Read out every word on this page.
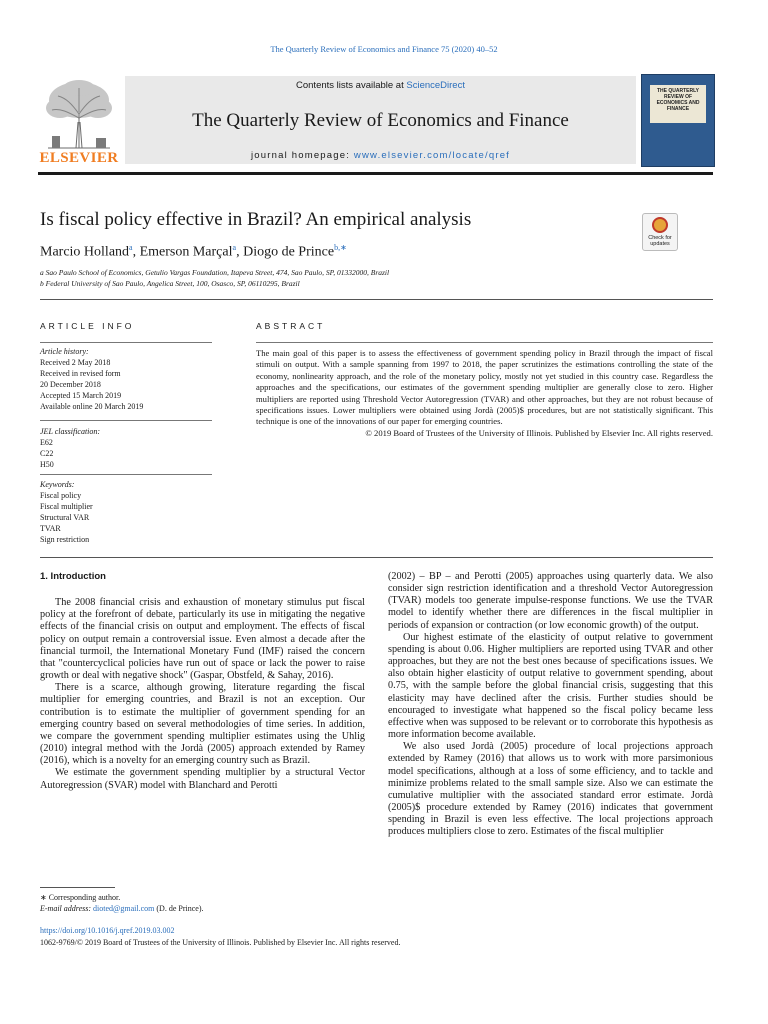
The Quarterly Review of Economics and Finance 75 (2020) 40–52
ELSEVIER
Contents lists available at ScienceDirect
The Quarterly Review of Economics and Finance
journal homepage: www.elsevier.com/locate/qref
THE QUARTERLY REVIEW OF ECONOMICS AND FINANCE
Is fiscal policy effective in Brazil? An empirical analysis
Marcio Holland$^a$, Emerson Marçal$^a$, Diogo de Prince$^{b,∗}$
Check for updates
a Sao Paulo School of Economics, Getulio Vargas Foundation, Itapeva Street, 474, Sao Paulo, SP, 01332000, Brazil
b Federal University of Sao Paulo, Angelica Street, 100, Osasco, SP, 06110295, Brazil
ARTICLE INFO
Article history:
Received 2 May 2018
Received in revised form
20 December 2018
Accepted 15 March 2019
Available online 20 March 2019
JEL classification:
E62
C22
H50
Keywords:
Fiscal policy
Fiscal multiplier
Structural VAR
TVAR
Sign restriction
ABSTRACT
The main goal of this paper is to assess the effectiveness of government spending policy in Brazil through the impact of fiscal stimuli on output. With a sample spanning from 1997 to 2018, the paper scrutinizes the estimations controlling the state of the economy, nonlinearity approach, and the role of the monetary policy, mostly not yet studied in this country case. Regardless the approaches and the specifications, our estimates of the government spending multiplier are generally close to zero. Higher multipliers are reported using Threshold Vector Autoregression (TVAR) and other approaches, but they are not robust because of specifications issues. Lower multipliers were obtained using Jordà (2005)$ procedures, but are not statistically significant. This technique is one of the innovations of our paper for emerging countries.
© 2019 Board of Trustees of the University of Illinois. Published by Elsevier Inc. All rights reserved.
1. Introduction

The 2008 financial crisis and exhaustion of monetary stimulus put fiscal policy at the forefront of debate, particularly its use in mitigating the negative effects of the financial crisis on output and employment. The effects of fiscal policy on output remain a controversial issue. Even almost a decade after the financial turmoil, the International Monetary Fund (IMF) raised the concern that "countercyclical policies have run out of space or lack the power to raise growth or deal with negative shock" (Gaspar, Obstfeld, & Sahay, 2016).

There is a scarce, although growing, literature regarding the fiscal multiplier for emerging countries, and Brazil is not an exception. Our contribution is to estimate the multiplier of government spending for an emerging country based on several methodologies of time series. In addition, we compare the government spending multiplier estimates using the Uhlig (2010) integral method with the Jordà (2005) approach extended by Ramey (2016), which is a novelty for an emerging country such as Brazil.

We estimate the government spending multiplier by a structural Vector Autoregression (SVAR) model with Blanchard and Perotti

(2002) – BP – and Perotti (2005) approaches using quarterly data. We also consider sign restriction identification and a threshold Vector Autoregression (TVAR) models too generate impulse-response functions. We use the TVAR model to identify whether there are differences in the fiscal multiplier in periods of expansion or contraction (or low economic growth) of the output.

Our highest estimate of the elasticity of output relative to government spending is about 0.06. Higher multipliers are reported using TVAR and other approaches, but they are not the best ones because of specifications issues. We also obtain higher elasticity of output relative to government spending, about 0.75, with the sample before the global financial crisis, suggesting that this elasticity may have declined after the crisis. Further studies should be encouraged to investigate what happened so the fiscal policy became less effective when was supposed to be relevant or to corroborate this hypothesis as more information become available.

We also used Jordà (2005) procedure of local projections approach extended by Ramey (2016) that allows us to work with more parsimonious model specifications, although at a loss of some efficiency, and to tackle and minimize problems related to the small sample size. Also we can estimate the cumulative multiplier with the associated standard error estimate. Jordà (2005)$ procedure extended by Ramey (2016) indicates that government spending in Brazil is even less effective. The local projections approach produces multipliers close to zero. Estimates of the fiscal multiplier

∗ Corresponding author.
E-mail address: dioted@gmail.com (D. de Prince).
https://doi.org/10.1016/j.qref.2019.03.002
1062-9769/© 2019 Board of Trustees of the University of Illinois. Published by Elsevier Inc. All rights reserved.
